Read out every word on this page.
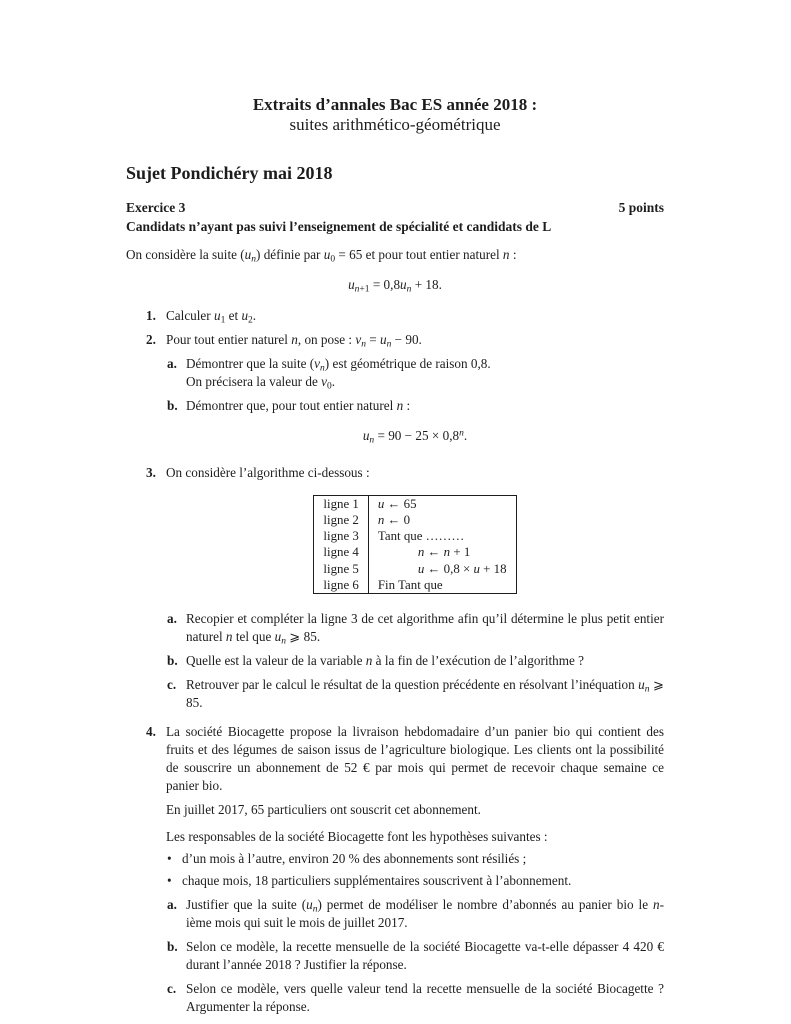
Extraits d’annales Bac ES année 2018 :
suites arithmético-géométrique
Sujet Pondichéry mai 2018
Exercice 3	5 points
Candidats n’ayant pas suivi l’enseignement de spécialité et candidats de L
On considère la suite $(u_n)$ définie par $u_0 = 65$ et pour tout entier naturel n :
$u_{n+1} = 0,8u_n + 18$.
1. Calculer $u_1$ et $u_2$.
2. Pour tout entier naturel n, on pose : $v_n = u_n - 90$.
a. Démontrer que la suite $(v_n)$ est géométrique de raison 0,8.
On précisera la valeur de $v_0$.
b. Démontrer que, pour tout entier naturel n :
$u_n = 90 - 25 \times 0,8^n$.
3. On considère l’algorithme ci-dessous :
ligne 1	u ← 65
ligne 2	n ← 0
ligne 3	Tant que ………
ligne 4	n ← n + 1
ligne 5	u ← 0,8 × u + 18
ligne 6	Fin Tant que
a. Recopier et compléter la ligne 3 de cet algorithme afin qu’il détermine le plus petit entier naturel n tel que $u_n$ ⩾ 85.
b. Quelle est la valeur de la variable n à la fin de l’exécution de l’algorithme ?
c. Retrouver par le calcul le résultat de la question précédente en résolvant l’inéquation $u_n$ ⩾ 85.
4. La société Biocagette propose la livraison hebdomadaire d’un panier bio qui contient des fruits et des légumes de saison issus de l’agriculture biologique. Les clients ont la possibilité de souscrire un abonnement de 52 € par mois qui permet de recevoir chaque semaine ce panier bio.

En juillet 2017, 65 particuliers ont souscrit cet abonnement.

Les responsables de la société Biocagette font les hypothèses suivantes :

• d’un mois à l’autre, environ 20 % des abonnements sont résiliés ;
• chaque mois, 18 particuliers supplémentaires souscrivent à l’abonnement.
a. Justifier que la suite $(u_n)$ permet de modéliser le nombre d’abonnés au panier bio le n-ième mois qui suit le mois de juillet 2017.
b. Selon ce modèle, la recette mensuelle de la société Biocagette va-t-elle dépasser 4 420 € durant l’année 2018 ? Justifier la réponse.
c. Selon ce modèle, vers quelle valeur tend la recette mensuelle de la société Biocagette ? Argumenter la réponse.
